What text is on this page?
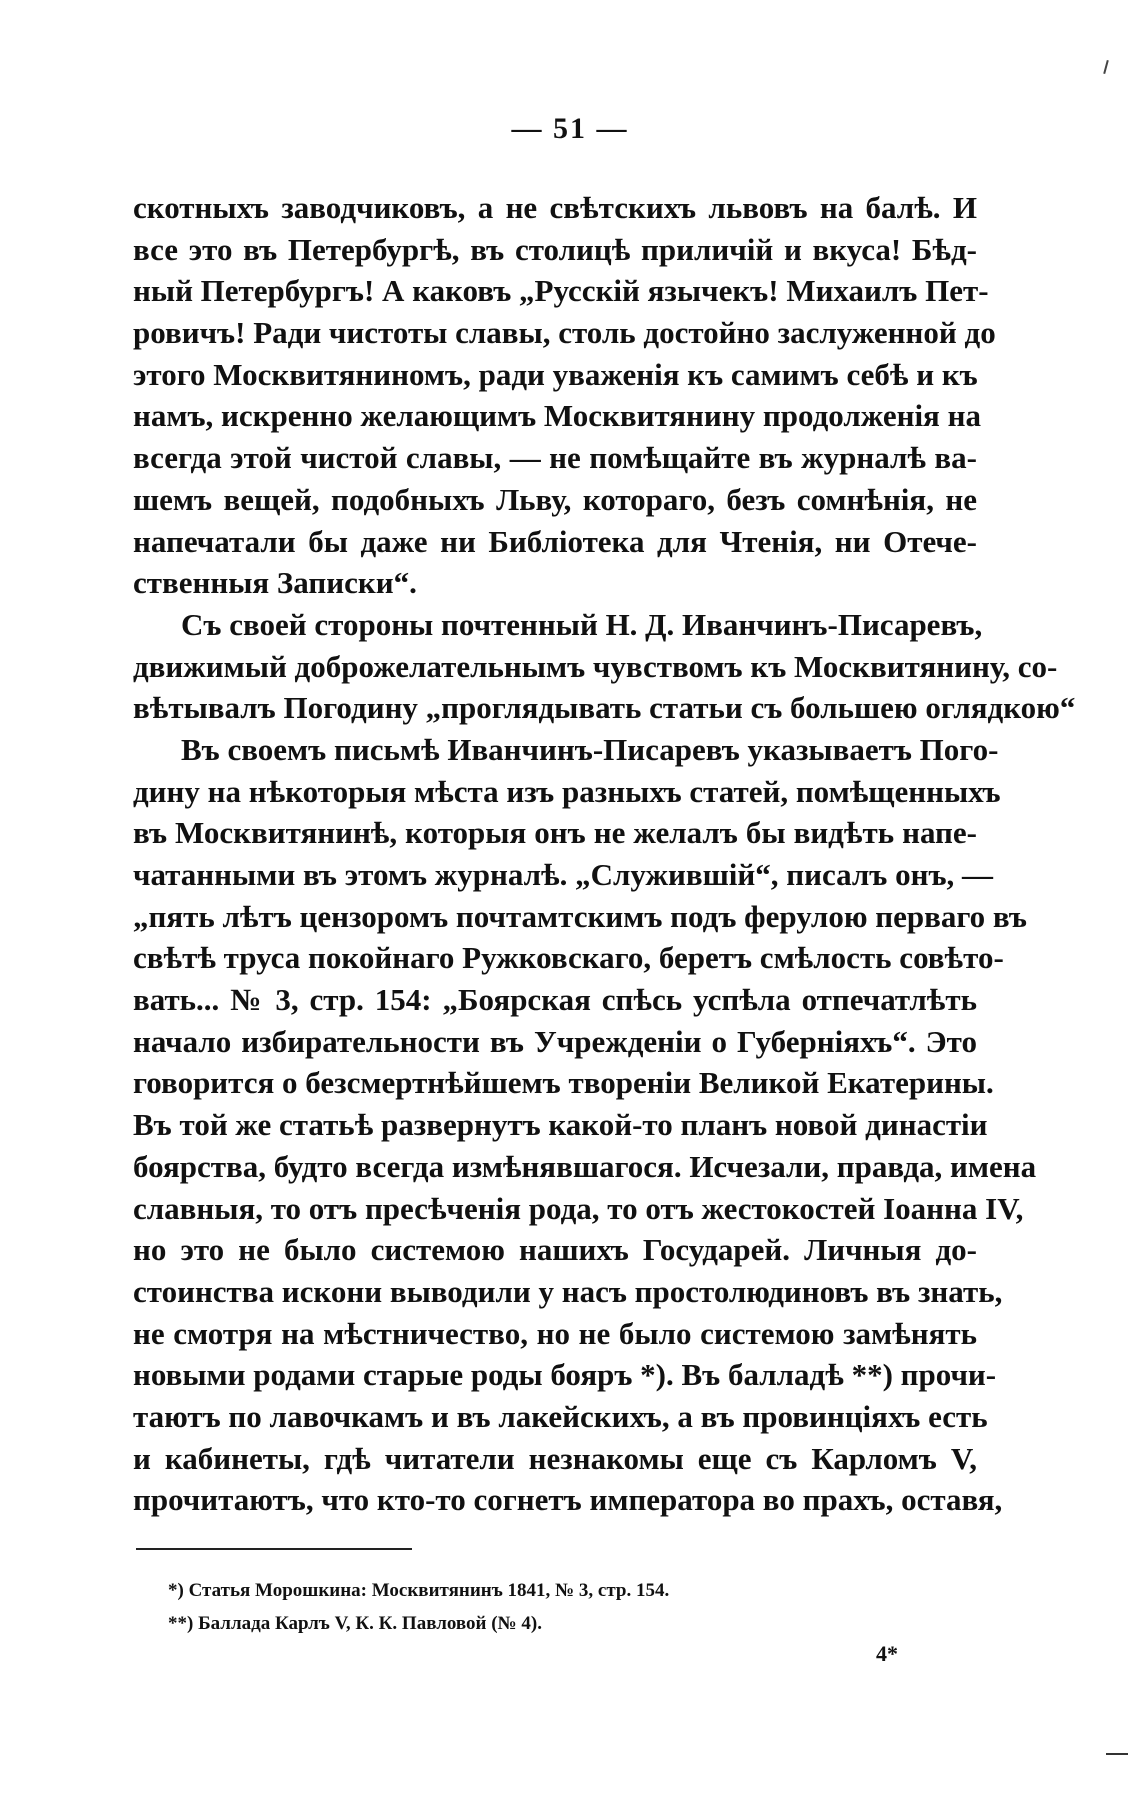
— 51 —
скотныхъ заводчиковъ, а не свѣтскихъ львовъ на балѣ. И
все это въ Петербургѣ, въ столицѣ приличій и вкуса! Бѣд-
ный Петербургъ! А каковъ „Русскій язычекъ! Михаилъ Пет-
ровичъ! Ради чистоты славы, столь достойно заслуженной до
этого Москвитяниномъ, ради уваженія къ самимъ себѣ и къ
намъ, искренно желающимъ Москвитянину продолженія на
всегда этой чистой славы, — не помѣщайте въ журналѣ ва-
шемъ вещей, подобныхъ Льву, котораго, безъ сомнѣнія, не
напечатали бы даже ни Библіотека для Чтенія, ни Отече-
ственныя Записки“.
Съ своей стороны почтенный Н. Д. Иванчинъ-Писаревъ,
движимый доброжелательнымъ чувствомъ къ Москвитянину, со-
вѣтывалъ Погодину „проглядывать статьи съ большею оглядкою“
Въ своемъ письмѣ Иванчинъ-Писаревъ указываетъ Пого-
дину на нѣкоторыя мѣста изъ разныхъ статей, помѣщенныхъ
въ Москвитянинѣ, которыя онъ не желалъ бы видѣть напе-
чатанными въ этомъ журналѣ. „Служившій“, писалъ онъ, —
„пять лѣтъ цензоромъ почтамтскимъ подъ ферулою перваго въ
свѣтѣ труса покойнаго Ружковскаго, беретъ смѣлость совѣто-
вать... № 3, стр. 154: „Боярская спѣсь успѣла отпечатлѣть
начало избирательности въ Учрежденіи о Губерніяхъ“. Это
говорится о безсмертнѣйшемъ твореніи Великой Екатерины.
Въ той же статьѣ развернутъ какой-то планъ новой династіи
боярства, будто всегда измѣнявшагося. Исчезали, правда, имена
славныя, то отъ пресѣченія рода, то отъ жестокостей Іоанна IV,
но это не было системою нашихъ Государей. Личныя до-
стоинства искони выводили у насъ простолюдиновъ въ знать,
не смотря на мѣстничество, но не было системою замѣнять
новыми родами старые роды бояръ *). Въ балладѣ **) прочи-
таютъ по лавочкамъ и въ лакейскихъ, а въ провинціяхъ есть
и кабинеты, гдѣ читатели незнакомы еще съ Карломъ V,
прочитаютъ, что кто-то согнетъ императора во прахъ, оставя,
*) Статья Морошкина: Москвитянинъ 1841, № 3, стр. 154.
**) Баллада Карлъ V, К. К. Павловой (№ 4).
4*
